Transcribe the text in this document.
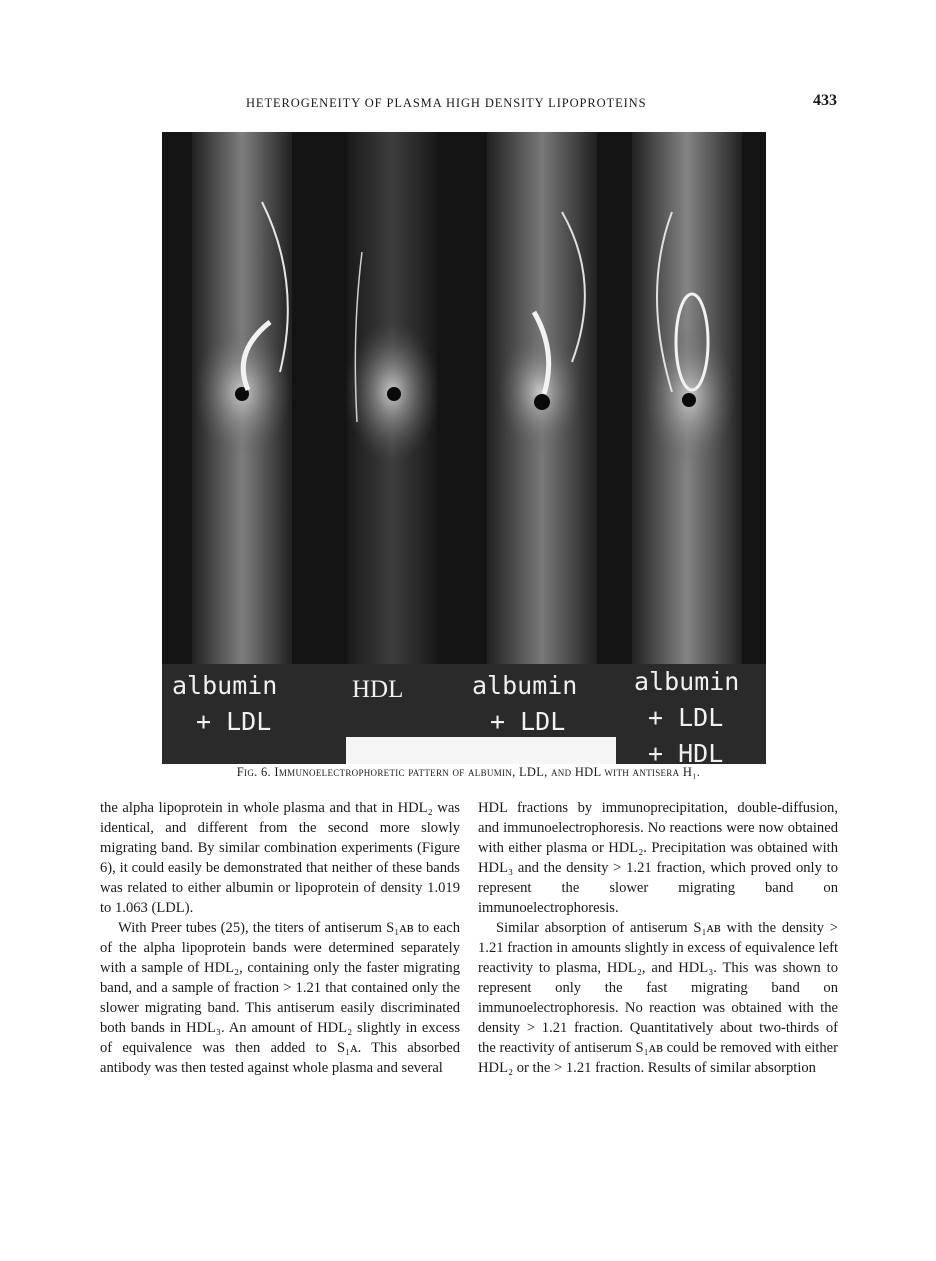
HETEROGENEITY OF PLASMA HIGH DENSITY LIPOPROTEINS	433
albumin
+ LDL
HDL	albumin
+ LDL
albumin
+ LDL
+ HDL
Fig. 6. Immunoelectrophoretic pattern of albumin, LDL, and HDL with antisera H₁.

the alpha lipoprotein in whole plasma and that in HDL₂ was identical, and different from the second more slowly migrating band. By similar combination experiments (Figure 6), it could easily be demonstrated that neither of these bands was related to either albumin or lipoprotein of density 1.019 to 1.063 (LDL).

With Preer tubes (25), the titers of antiserum S₁ᴀʙ to each of the alpha lipoprotein bands were determined separately with a sample of HDL₂, containing only the faster migrating band, and a sample of fraction > 1.21 that contained only the slower migrating band. This antiserum easily discriminated both bands in HDL₃. An amount of HDL₂ slightly in excess of equivalence was then added to S₁ᴀ. This absorbed antibody was then tested against whole plasma and several

HDL fractions by immunoprecipitation, double-diffusion, and immunoelectrophoresis. No reactions were now obtained with either plasma or HDL₂. Precipitation was obtained with HDL₃ and the density > 1.21 fraction, which proved only to represent the slower migrating band on immunoelectrophoresis.

Similar absorption of antiserum S₁ᴀʙ with the density > 1.21 fraction in amounts slightly in excess of equivalence left reactivity to plasma, HDL₂, and HDL₃. This was shown to represent only the fast migrating band on immunoelectrophoresis. No reaction was obtained with the density > 1.21 fraction. Quantitatively about two-thirds of the reactivity of antiserum S₁ᴀʙ could be removed with either HDL₂ or the > 1.21 fraction. Results of similar absorption
